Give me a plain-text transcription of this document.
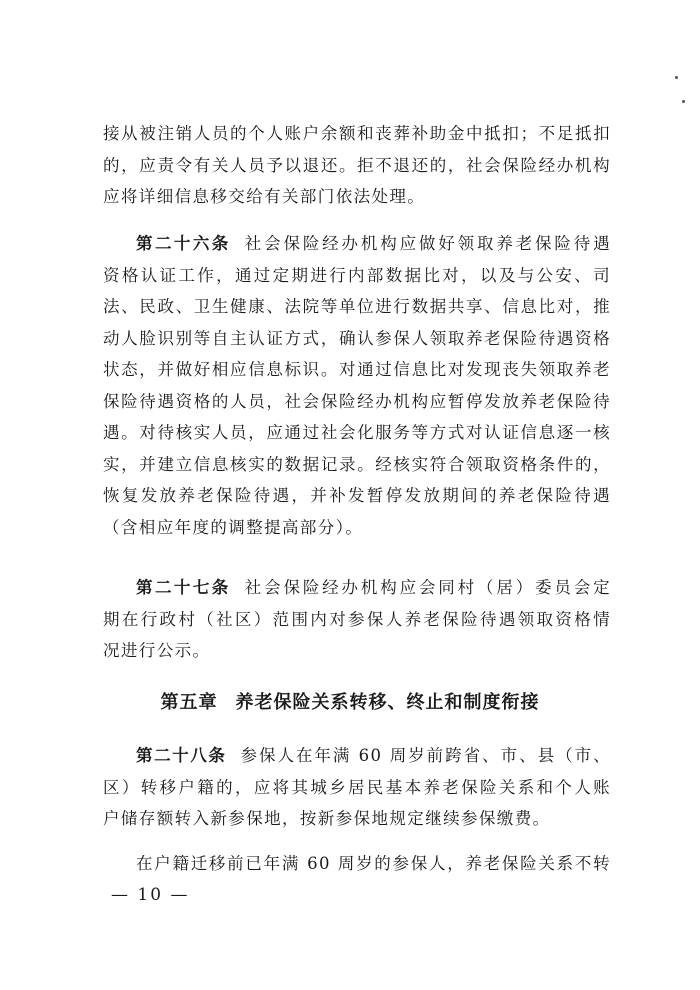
接从被注销人员的个人账户余额和丧葬补助金中抵扣；不足抵扣
的，应责令有关人员予以退还。拒不退还的，社会保险经办机构
应将详细信息移交给有关部门依法处理。
第二十六条 社会保险经办机构应做好领取养老保险待遇
资格认证工作，通过定期进行内部数据比对，以及与公安、司
法、民政、卫生健康、法院等单位进行数据共享、信息比对，推
动人脸识别等自主认证方式，确认参保人领取养老保险待遇资格
状态，并做好相应信息标识。对通过信息比对发现丧失领取养老
保险待遇资格的人员，社会保险经办机构应暂停发放养老保险待
遇。对待核实人员，应通过社会化服务等方式对认证信息逐一核
实，并建立信息核实的数据记录。经核实符合领取资格条件的，
恢复发放养老保险待遇，并补发暂停发放期间的养老保险待遇
（含相应年度的调整提高部分）。
第二十七条 社会保险经办机构应会同村（居）委员会定
期在行政村（社区）范围内对参保人养老保险待遇领取资格情
况进行公示。
第五章 养老保险关系转移、终止和制度衔接
第二十八条 参保人在年满 60 周岁前跨省、市、县（市、
区）转移户籍的，应将其城乡居民基本养老保险关系和个人账
户储存额转入新参保地，按新参保地规定继续参保缴费。
在户籍迁移前已年满 60 周岁的参保人，养老保险关系不转
— 10 —
